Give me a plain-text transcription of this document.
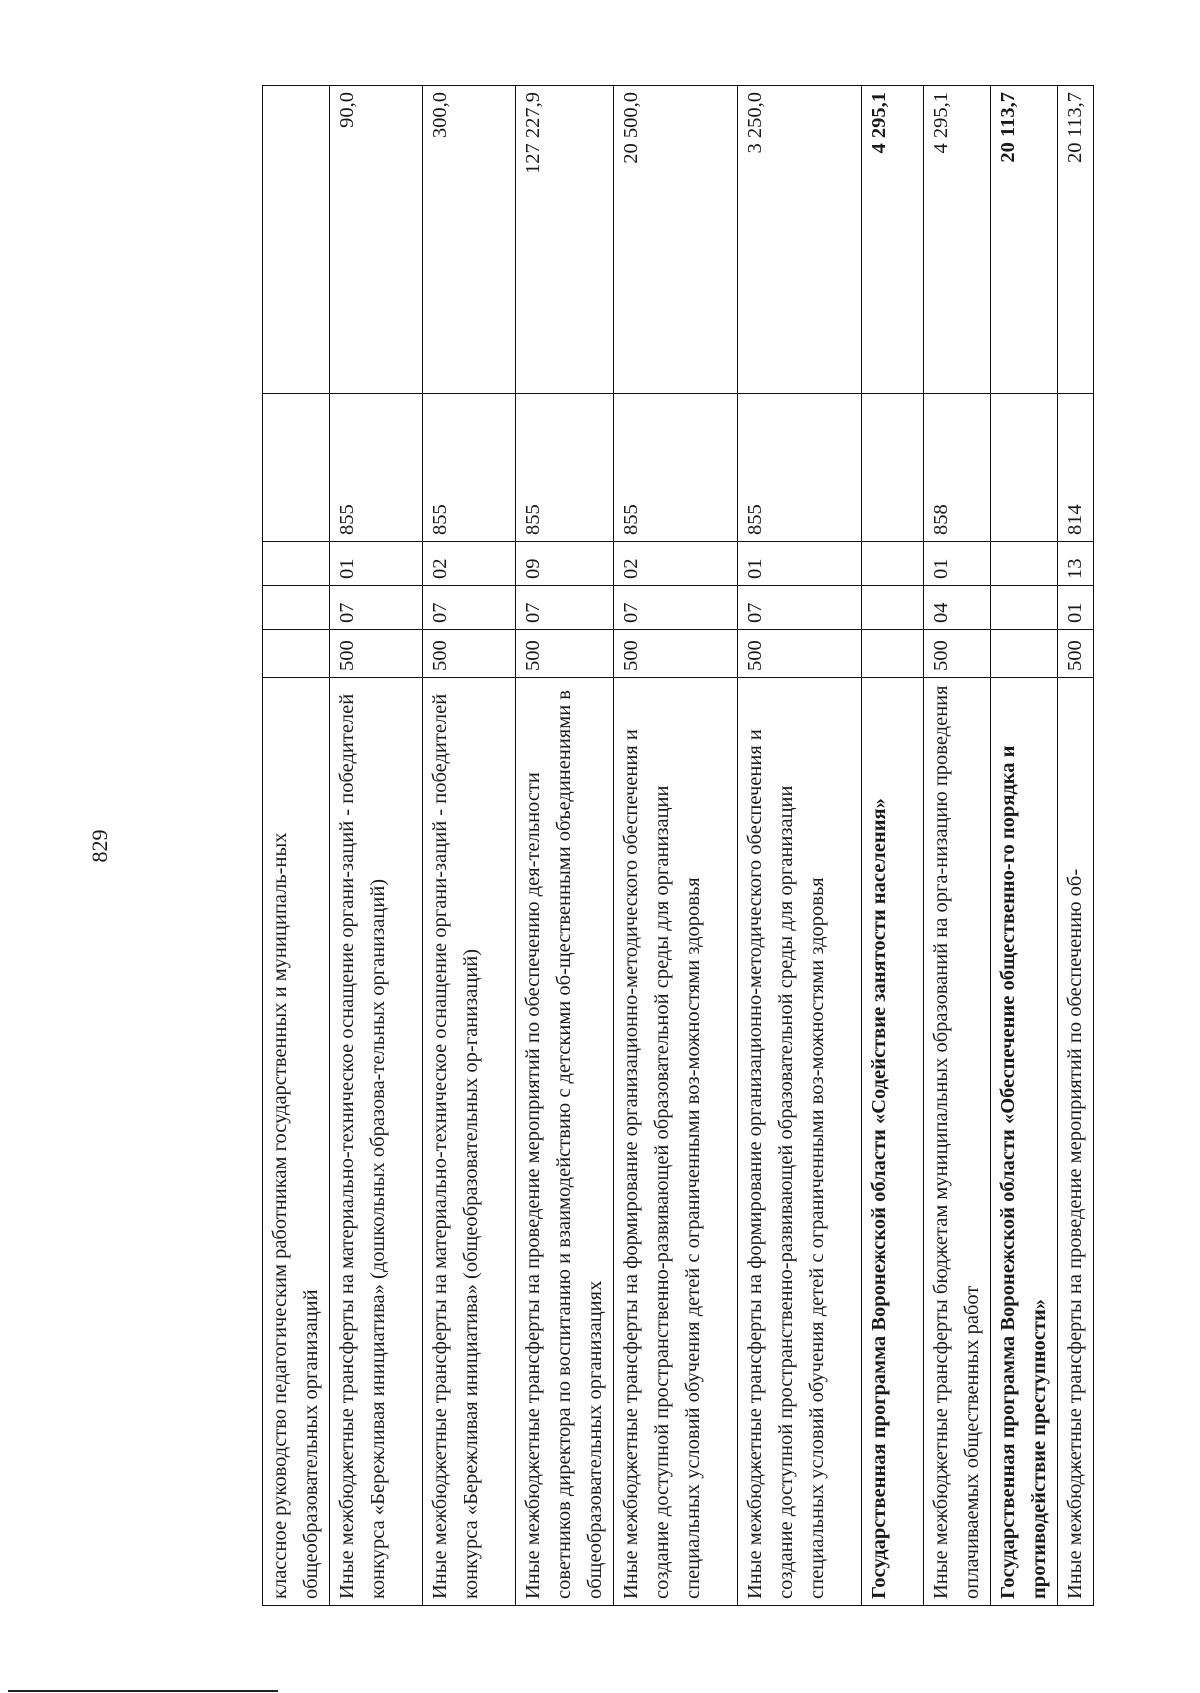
829	классное руководство педагогическим работникам государственных и муниципаль-ных общеобразовательных организаций					
Иные межбюджетные трансферты на материально-техническое оснащение органи-заций - победителей конкурса «Бережливая инициатива» (дошкольных образова-тельных организаций)	500	07	01	855	90,0
Иные межбюджетные трансферты на материально-техническое оснащение органи-заций - победителей конкурса «Бережливая инициатива» (общеобразовательных ор-ганизаций)	500	07	02	855	300,0
Иные межбюджетные трансферты на проведение мероприятий по обеспечению дея-тельности советников директора по воспитанию и взаимодействию с детскими об-щественными объединениями в общеобразовательных организациях	500	07	09	855	127 227,9
Иные межбюджетные трансферты на формирование организационно-методического обеспечения и создание доступной пространственно-развивающей образовательной среды для организации специальных условий обучения детей с ограниченными воз-можностями здоровья	500	07	02	855	20 500,0
Иные межбюджетные трансферты на формирование организационно-методического обеспечения и создание доступной пространственно-развивающей образовательной среды для организации специальных условий обучения детей с ограниченными воз-можностями здоровья	500	07	01	855	3 250,0
Государственная программа Воронежской области «Содействие занятости населения»					4 295,1
Иные межбюджетные трансферты бюджетам муниципальных образований на орга-низацию проведения оплачиваемых общественных работ	500	04	01	858	4 295,1
Государственная программа Воронежской области «Обеспечение общественно-го порядка и противодействие преступности»					20 113,7
Иные межбюджетные трансферты на проведение мероприятий по обеспечению об-	500	01	13	814	20 113,7
